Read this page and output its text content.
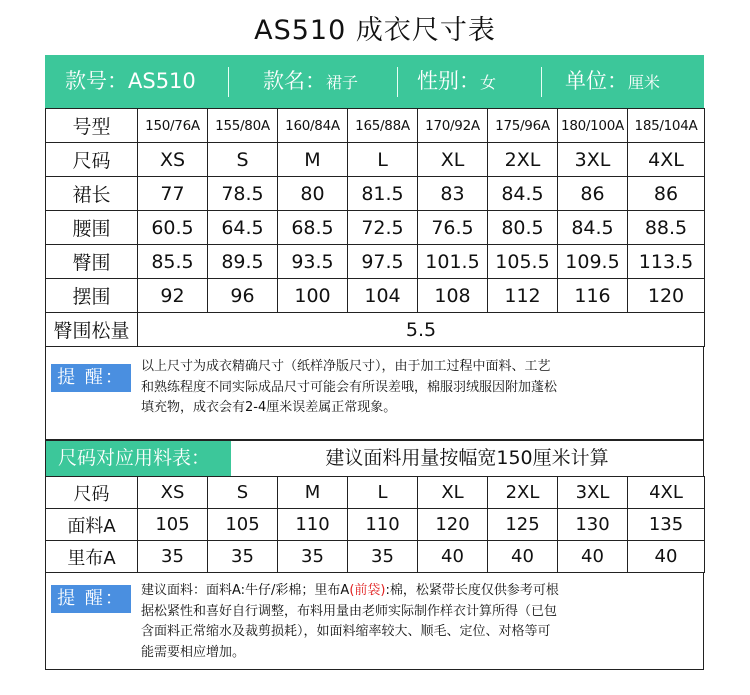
AS510 成衣尺寸表
款号：AS510	款名：裙子	性别：女	单位：厘米
号型	150/76A	155/80A	160/84A	165/88A	170/92A	175/96A	180/100A	185/104A
尺码	XS	S	M	L	XL	2XL	3XL	4XL
裙长	77	78.5	80	81.5	83	84.5	86	86
腰围	60.5	64.5	68.5	72.5	76.5	80.5	84.5	88.5
臀围	85.5	89.5	93.5	97.5	101.5	105.5	109.5	113.5
摆围	92	96	100	104	108	112	116	120
臀围松量	5.5							
提 醒：
以上尺寸为成衣精确尺寸（纸样净版尺寸），由于加工过程中面料、工艺
和熟练程度不同实际成品尺寸可能会有所误差哦，棉服羽绒服因附加蓬松
填充物，成衣会有2-4厘米误差属正常现象。
尺码对应用料表：	建议面料用量按幅宽150厘米计算
尺码	XS	S	M	L	XL	2XL	3XL	4XL
面料A	105	105	110	110	120	125	130	135
里布A	35	35	35	35	40	40	40	40
提 醒：	建议面料：面料A:牛仔/彩棉；里布A(前袋):棉，松紧带长度仅供参考可根
据松紧性和喜好自行调整，布料用量由老师实际制作样衣计算所得（已包
含面料正常缩水及裁剪损耗），如面料缩率较大、顺毛、定位、对格等可
能需要相应增加。
